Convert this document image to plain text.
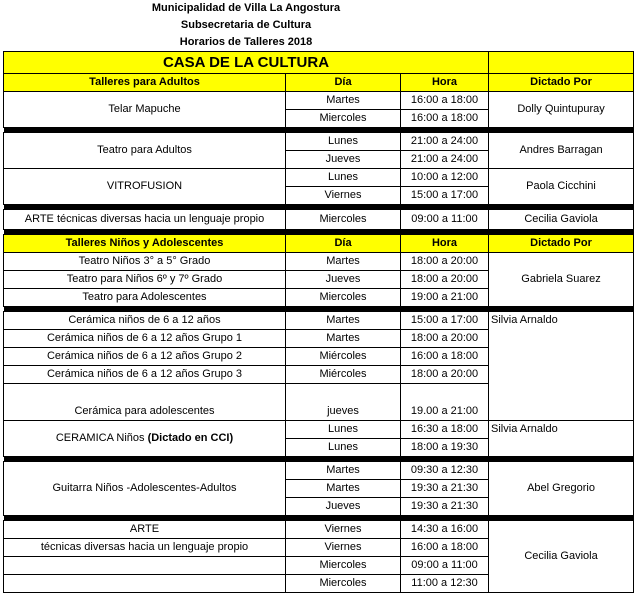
Municipalidad de Villa La Angostura			
Subsecretaria de Cultura			
Horarios de Talleres 2018			
CASA DE LA CULTURA			
Talleres para Adultos	Día	Hora	Dictado Por
Telar Mapuche	Martes	16:00 a 18:00	Dolly Quintupuray
	Miercoles	16:00 a 18:00	

Teatro para Adultos	Lunes	21:00 a 24:00	Andres Barragan
	Jueves	21:00 a 24:00	
VITROFUSION	Lunes	10:00 a 12:00	Paola Cicchini
	Viernes	15:00 a 17:00	

ARTE técnicas diversas hacia un lenguaje propio	Miercoles	09:00 a 11:00	Cecilia Gaviola

Talleres Niños y Adolescentes	Día	Hora	Dictado Por
Teatro Niños 3° a 5° Grado	Martes	18:00 a 20:00	Gabriela Suarez
Teatro para Niños 6º y 7º Grado	Jueves	18:00 a 20:00	
Teatro para Adolescentes	Miercoles	19:00 a 21:00	

Cerámica niños de 6 a 12 años	Martes	15:00 a 17:00	Silvia Arnaldo
Cerámica niños de 6 a 12 años Grupo 1	Martes	18:00 a 20:00	
Cerámica niños de 6 a 12 años Grupo 2	Miércoles	16:00 a 18:00	
Cerámica niños de 6 a 12 años Grupo 3	Miércoles	18:00 a 20:00	
Cerámica para adolescentes	jueves	19.00 a 21:00	
CERAMICA Niños (Dictado en CCI)	Lunes	16:30 a 18:00	Silvia Arnaldo
	Lunes	18:00 a 19:30	

Guitarra Niños -Adolescentes-Adultos	Martes	09:30 a 12:30	Abel Gregorio
	Martes	19:30 a 21:30	
	Jueves	19:30 a 21:30	

ARTE	Viernes	14:30 a 16:00	Cecilia Gaviola
técnicas diversas hacia un lenguaje propio	Viernes	16:00 a 18:00	
	Miercoles	09:00 a 11:00	
	Miercoles	11:00 a 12:30	
